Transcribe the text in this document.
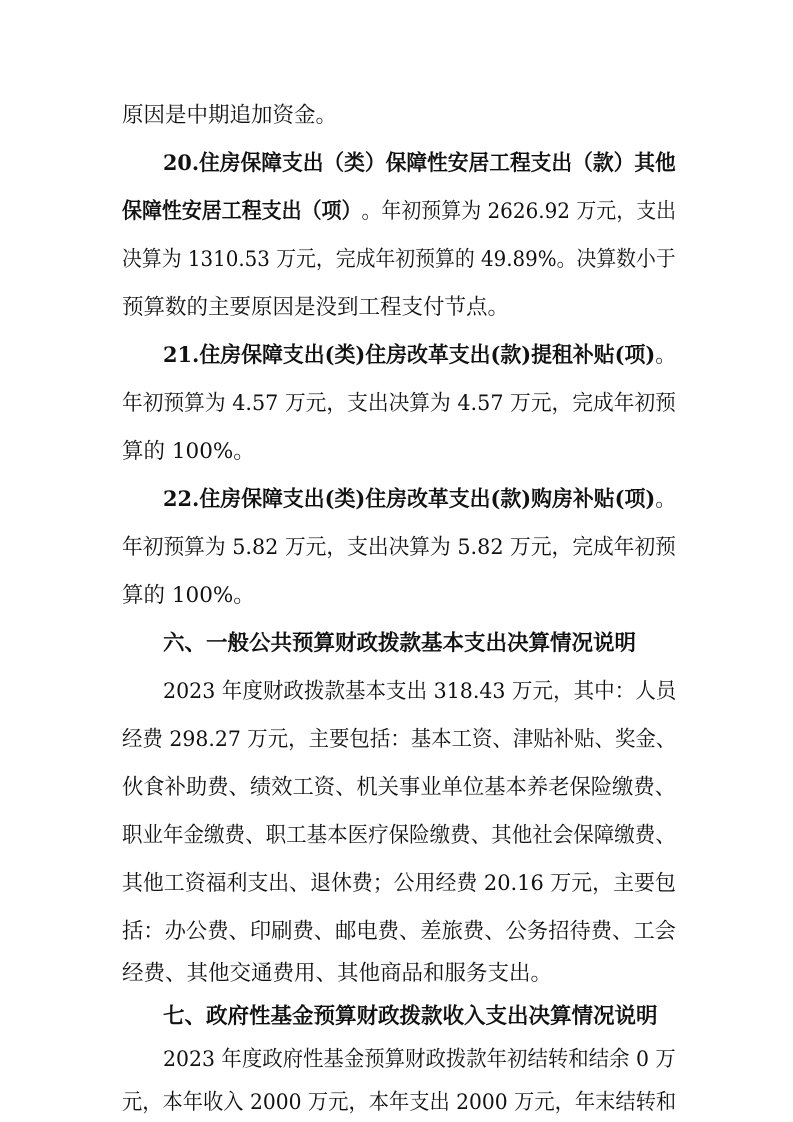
原因是中期追加资金。
20.住房保障支出（类）保障性安居工程支出（款）其他
保障性安居工程支出（项） 。年初预算为 2626.92 万元，支出
决算为 1310.53 万元，完成年初预算的 49.89%。决算数小于
预算数的主要原因是没到工程支付节点。
21.住房保障支出(类)住房改革支出(款)提租补贴(项)。
年初预算为 4.57 万元，支出决算为 4.57 万元，完成年初预
算的 100%。
22.住房保障支出(类)住房改革支出(款)购房补贴(项)。
年初预算为 5.82 万元，支出决算为 5.82 万元，完成年初预
算的 100%。
六、一般公共预算财政拨款基本支出决算情况说明
2023 年度财政拨款基本支出 318.43 万元，其中：人员
经费 298.27 万元，主要包括：基本工资、津贴补贴、奖金、
伙食补助费、绩效工资、机关事业单位基本养老保险缴费、
职业年金缴费、职工基本医疗保险缴费、其他社会保障缴费、
其他工资福利支出、退休费；公用经费 20.16 万元，主要包
括：办公费、印刷费、邮电费、差旅费、公务招待费、工会
经费、其他交通费用、其他商品和服务支出。
七、政府性基金预算财政拨款收入支出决算情况说明
2023 年度政府性基金预算财政拨款年初结转和结余 0 万
元，本年收入 2000 万元，本年支出 2000 万元，年末结转和
